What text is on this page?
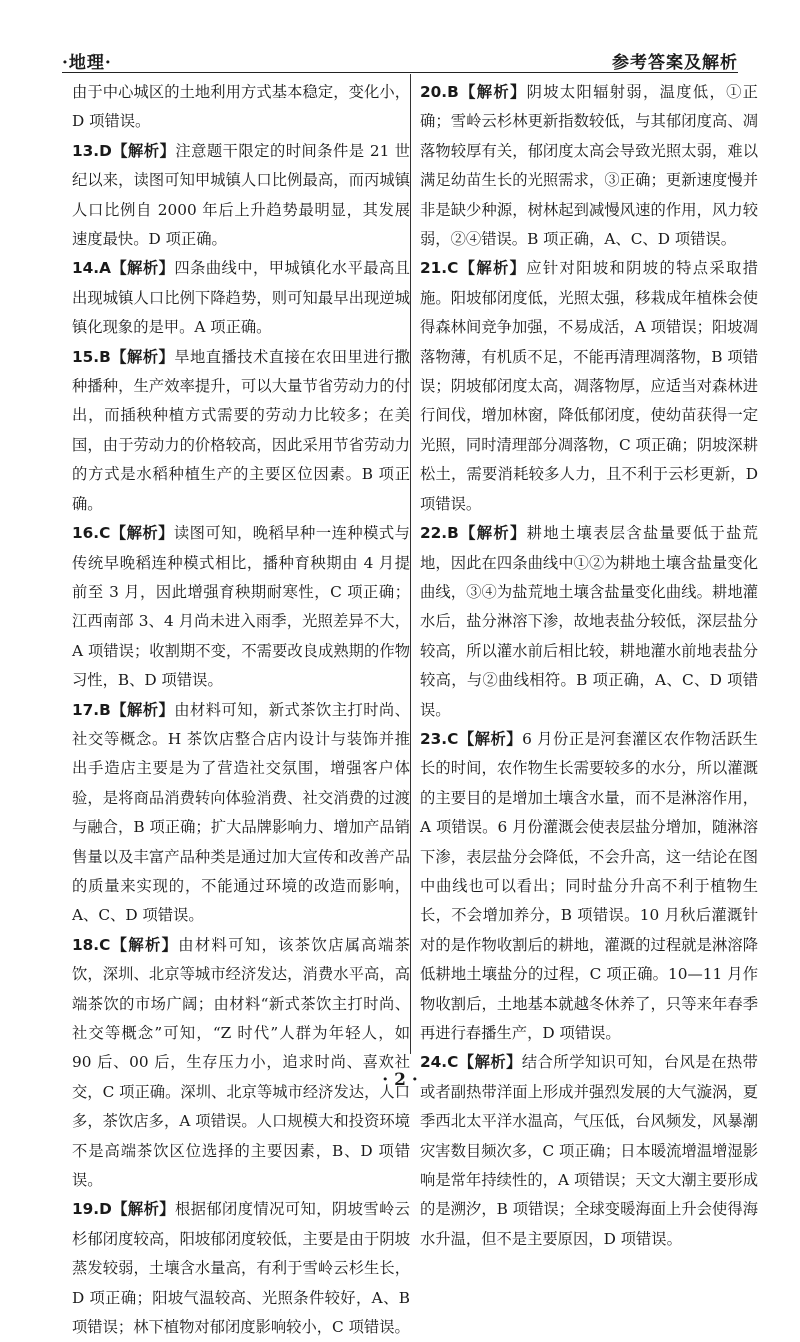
·地理·	参考答案及解析

由于中心城区的土地利用方式基本稳定，变化小，D 项错误。

13.D【解析】注意题干限定的时间条件是 21 世纪以来，读图可知甲城镇人口比例最高，而丙城镇人口比例自 2000 年后上升趋势最明显，其发展速度最快。D 项正确。

14.A【解析】四条曲线中，甲城镇化水平最高且出现城镇人口比例下降趋势，则可知最早出现逆城镇化现象的是甲。A 项正确。

15.B【解析】旱地直播技术直接在农田里进行撒种播种，生产效率提升，可以大量节省劳动力的付出，而插秧种植方式需要的劳动力比较多；在美国，由于劳动力的价格较高，因此采用节省劳动力的方式是水稻种植生产的主要区位因素。B 项正确。

16.C【解析】读图可知，晚稻早种一连种模式与传统早晚稻连种模式相比，播种育秧期由 4 月提前至 3 月，因此增强育秧期耐寒性，C 项正确；江西南部 3、4 月尚未进入雨季，光照差异不大，A 项错误；收割期不变，不需要改良成熟期的作物习性，B、D 项错误。

17.B【解析】由材料可知，新式茶饮主打时尚、社交等概念。H 茶饮店整合店内设计与装饰并推出手造店主要是为了营造社交氛围，增强客户体验，是将商品消费转向体验消费、社交消费的过渡与融合，B 项正确；扩大品牌影响力、增加产品销售量以及丰富产品种类是通过加大宣传和改善产品的质量来实现的，不能通过环境的改造而影响，A、C、D 项错误。

18.C【解析】由材料可知，该茶饮店属高端茶饮，深圳、北京等城市经济发达，消费水平高，高端茶饮的市场广阔；由材料“新式茶饮主打时尚、社交等概念”可知，“Z 时代”人群为年轻人，如 90 后、00 后，生存压力小，追求时尚、喜欢社交，C 项正确。深圳、北京等城市经济发达，人口多，茶饮店多，A 项错误。人口规模大和投资环境不是高端茶饮区位选择的主要因素，B、D 项错误。

19.D【解析】根据郁闭度情况可知，阴坡雪岭云杉郁闭度较高，阳坡郁闭度较低，主要是由于阴坡蒸发较弱，土壤含水量高，有利于雪岭云杉生长，D 项正确；阳坡气温较高、光照条件较好，A、B 项错误；林下植物对郁闭度影响较小，C 项错误。

20.B【解析】阴坡太阳辐射弱，温度低，①正确；雪岭云杉林更新指数较低，与其郁闭度高、凋落物较厚有关，郁闭度太高会导致光照太弱，难以满足幼苗生长的光照需求，③正确；更新速度慢并非是缺少种源，树林起到减慢风速的作用，风力较弱，②④错误。B 项正确，A、C、D 项错误。

21.C【解析】应针对阳坡和阴坡的特点采取措施。阳坡郁闭度低，光照太强，移栽成年植株会使得森林间竞争加强，不易成活，A 项错误；阳坡凋落物薄，有机质不足，不能再清理凋落物，B 项错误；阴坡郁闭度太高，凋落物厚，应适当对森林进行间伐，增加林窗，降低郁闭度，使幼苗获得一定光照，同时清理部分凋落物，C 项正确；阴坡深耕松土，需要消耗较多人力，且不利于云杉更新，D 项错误。

22.B【解析】耕地土壤表层含盐量要低于盐荒地，因此在四条曲线中①②为耕地土壤含盐量变化曲线，③④为盐荒地土壤含盐量变化曲线。耕地灌水后，盐分淋溶下渗，故地表盐分较低，深层盐分较高，所以灌水前后相比较，耕地灌水前地表盐分较高，与②曲线相符。B 项正确，A、C、D 项错误。

23.C【解析】6 月份正是河套灌区农作物活跃生长的时间，农作物生长需要较多的水分，所以灌溉的主要目的是增加土壤含水量，而不是淋溶作用，A 项错误。6 月份灌溉会使表层盐分增加，随淋溶下渗，表层盐分会降低，不会升高，这一结论在图中曲线也可以看出；同时盐分升高不利于植物生长，不会增加养分，B 项错误。10 月秋后灌溉针对的是作物收割后的耕地，灌溉的过程就是淋溶降低耕地土壤盐分的过程，C 项正确。10—11 月作物收割后，土地基本就越冬休养了，只等来年春季再进行春播生产，D 项错误。

24.C【解析】结合所学知识可知，台风是在热带或者副热带洋面上形成并强烈发展的大气漩涡，夏季西北太平洋水温高，气压低，台风频发，风暴潮灾害数目频次多，C 项正确；日本暖流增温增湿影响是常年持续性的，A 项错误；天文大潮主要形成的是溯汐，B 项错误；全球变暖海面上升会使得海水升温，但不是主要原因，D 项错误。

· 2 ·
